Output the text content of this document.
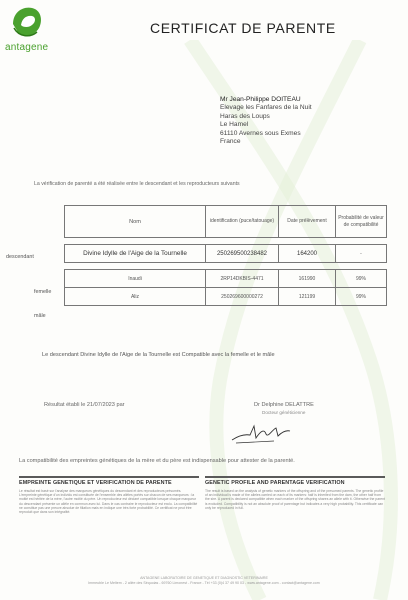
antagene
CERTIFICAT DE PARENTE
Mr Jean-Philippe DOITEAU
Elevage les Fanfares de la Nuit
Haras des Loups
Le Hamel
61110 Avernes sous Exmes
France
La vérification de parenté a été réalisée entre le descendant et les reproducteurs suivants
Nom	identification (puce/tatouage)	Date prélèvement	Probabilité de valeur de compatibilité

Divine Idylle de l'Aige de la Tournelle	250269500238482	164200	-

Inaudi	2RP14DKBIS-4471	161990	99%
Aliz	250269600000272	121199	99%
descendant
femelle
mâle
Le descendant Divine Idylle de l'Aige de la Tournelle est Compatible avec la femelle et le mâle
Résultat établi le 21/07/2023 par	Dr Delphine DELATTRE
Docteur généticienne
La compatibilité des empreintes génétiques de la mère et du père est indispensable pour attester de la parenté.
EMPREINTE GENETIQUE ET VERIFICATION DE PARENTE
Le résultat est basé sur l'analyse des marqueurs génétiques du descendant et des reproducteurs présumés. L'empreinte génétique d'un individu est constituée de l'ensemble des allèles portés sur chacun de ses marqueurs : la moitié est héritée de la mère, l'autre moitié du père. Un reproducteur est déclaré compatible lorsque chaque marqueur du descendant présente un allèle en commun avec lui. Dans le cas contraire le reproducteur est exclu. La compatibilité ne constitue pas une preuve absolue de filiation mais en indique une très forte probabilité. Ce certificat ne peut être reproduit que dans son intégralité.
GENETIC PROFILE AND PARENTAGE VERIFICATION
The result is based on the analysis of genetic markers of the offspring and of the presumed parents. The genetic profile of an individual is made of the alleles carried on each of its markers: half is inherited from the dam, the other half from the sire. A parent is declared compatible when each marker of the offspring shares an allele with it. Otherwise the parent is excluded. Compatibility is not an absolute proof of parentage but indicates a very high probability. This certificate can only be reproduced in full.
ANTAGENE LABORATOIRE DE GENETIQUE ET DIAGNOSTIC VETERINAIRE
Immeuble Le Meltem - 2 allée des Séquoias - 69760 Limonest - France - Tél +33 (0)4 37 49 90 03 - www.antagene.com - contact@antagene.com
